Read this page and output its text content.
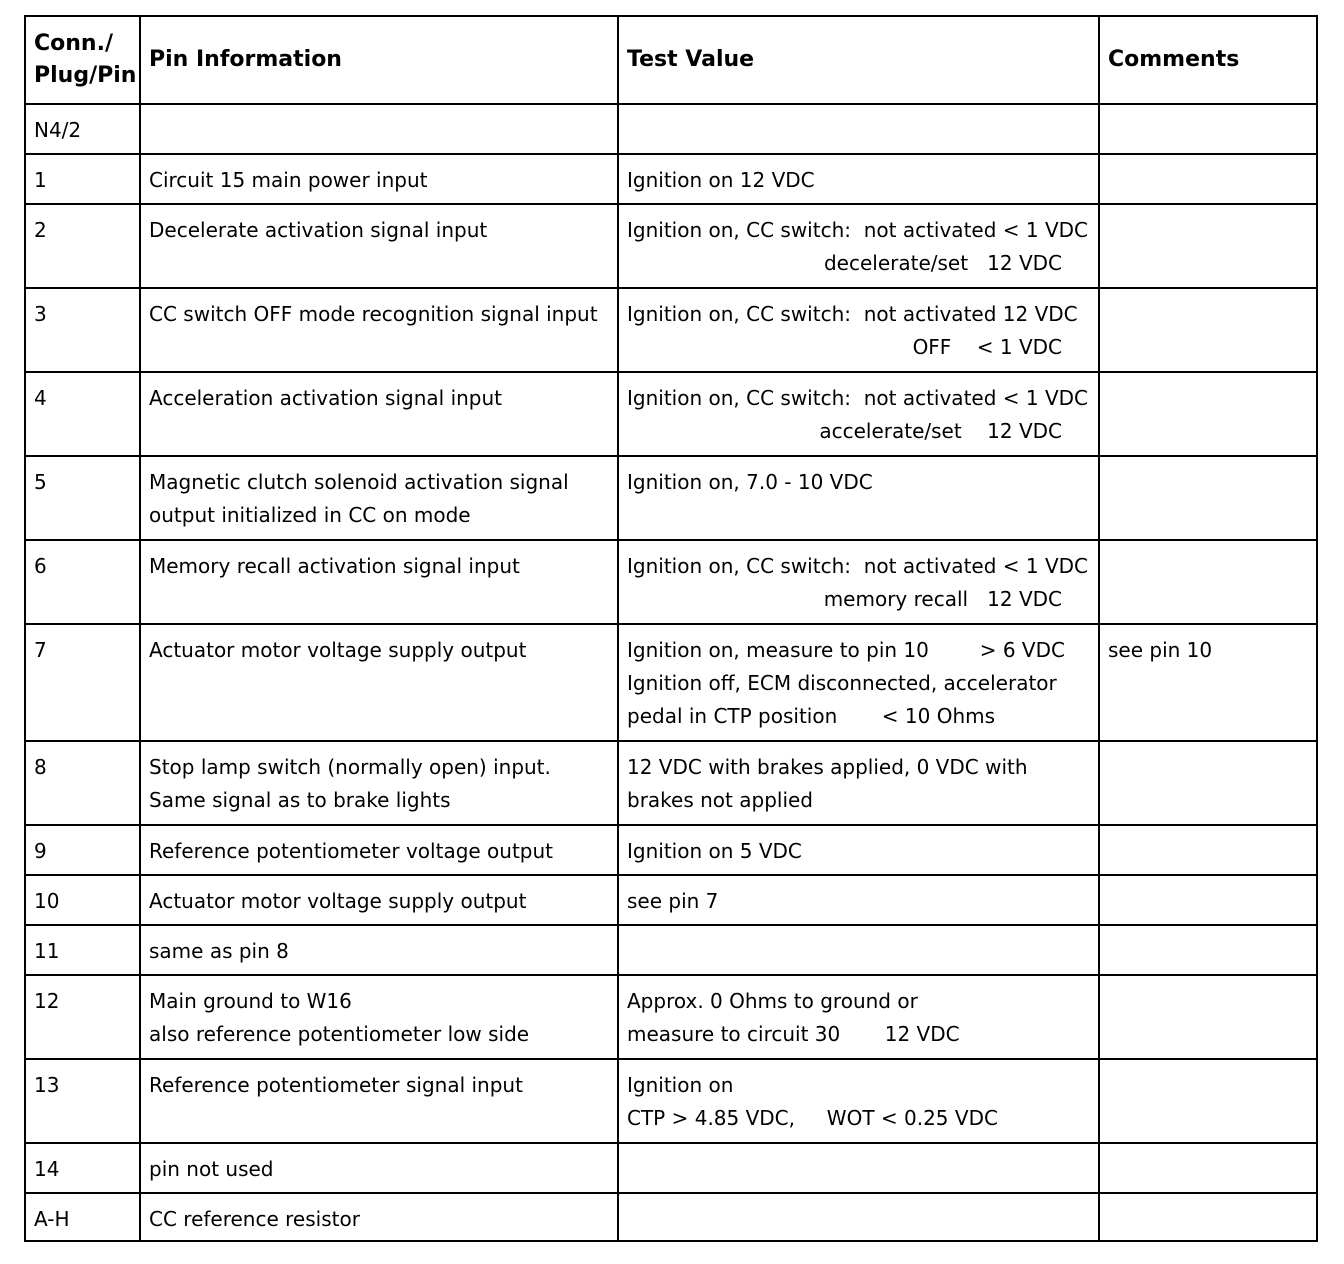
Conn./
Plug/Pin	Pin Information	Test Value	Comments
N4/2			
1	Circuit 15 main power input	Ignition on 12 VDC	
2	Decelerate activation signal input	Ignition on, CC switch:  not activated < 1 VDC
decelerate/set   12 VDC	

3	CC switch OFF mode recognition signal input	Ignition on, CC switch:  not activated 12 VDC
OFF    < 1 VDC	

4	Acceleration activation signal input	Ignition on, CC switch:  not activated < 1 VDC
accelerate/set    12 VDC	

5	Magnetic clutch solenoid activation signal
output initialized in CC on mode	Ignition on, 7.0 - 10 VDC	
6	Memory recall activation signal input	Ignition on, CC switch:  not activated < 1 VDC
memory recall   12 VDC	

7	Actuator motor voltage supply output	Ignition on, measure to pin 10        > 6 VDC
Ignition off, ECM disconnected, accelerator
pedal in CTP position       < 10 Ohms	see pin 10
8	Stop lamp switch (normally open) input.
Same signal as to brake lights	12 VDC with brakes applied, 0 VDC with
brakes not applied	

9	Reference potentiometer voltage output	Ignition on 5 VDC	
10	Actuator motor voltage supply output	see pin 7	
11	same as pin 8		
12	Main ground to W16
also reference potentiometer low side	Approx. 0 Ohms to ground or
measure to circuit 30       12 VDC	

13	Reference potentiometer signal input	Ignition on
CTP > 4.85 VDC,     WOT < 0.25 VDC	

14	pin not used		
A-H	CC reference resistor		
